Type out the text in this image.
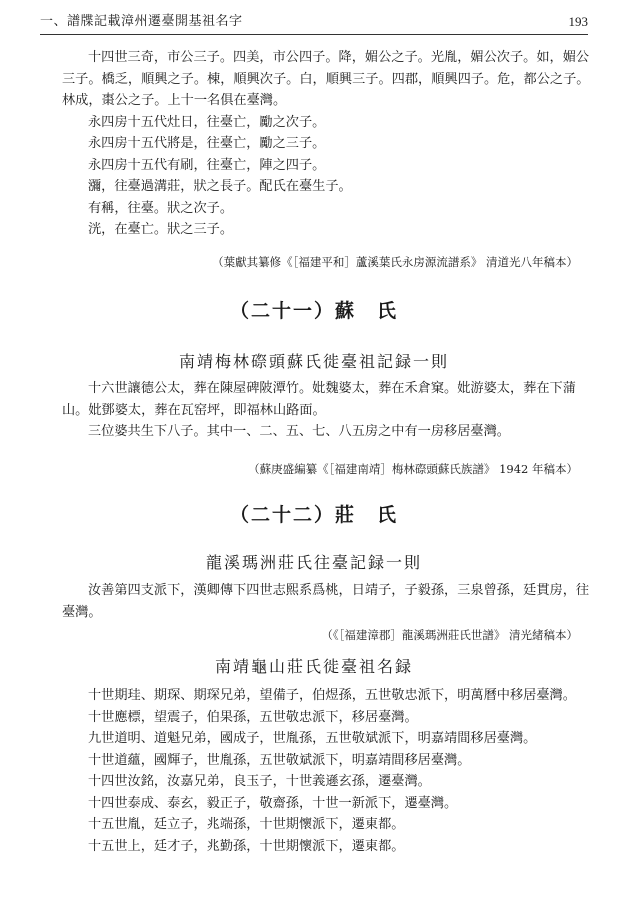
一、譜牒記載漳州遷臺開基祖名字	193

十四世三奇，市公三子。四美，市公四子。降，媚公之子。光胤，媚公次子。如，媚公三子。橋乏，順興之子。棟，順興次子。白，順興三子。四郡，順興四子。危，都公之子。林成，棗公之子。上十一名俱在臺灣。

永四房十五代灶日，往臺亡，勵之次子。

永四房十五代將是，往臺亡，勵之三子。

永四房十五代有刷，往臺亡，陣之四子。

瀰，往臺過溝莊，狀之長子。配氏在臺生子。

有稱，往臺。狀之次子。

洸，在臺亡。狀之三子。

（葉獻其纂修《［福建平和］蘆溪葉氏永房源流譜系》 清道光八年稿本）
（二十一）蘇　氏
南靖梅林磜頭蘇氏徙臺祖記録一則

十六世讓德公太，葬在陳屋碑陂潭竹。妣魏婆太，葬在禾倉窠。妣游婆太，葬在下蒲山。妣鄧婆太，葬在瓦窑坪，即福林山路面。

三位婆共生下八子。其中一、二、五、七、八五房之中有一房移居臺灣。

（蘇庚盛編纂《［福建南靖］梅林磜頭蘇氏族譜》 1942 年稿本）
（二十二）莊　氏
龍溪瑪洲莊氏往臺記録一則

汝善第四支派下，漢卿傳下四世志熙系爲桃，日靖子，子毅孫，三泉曾孫，廷貫房，往臺灣。

（《［福建漳郡］龍溪瑪洲莊氏世譜》 清光緒稿本）
南靖龜山莊氏徙臺祖名録

十世期珪、期琛、期琛兄弟，望備子，伯煜孫，五世敬忠派下，明萬曆中移居臺灣。

十世應標，望震子，伯果孫，五世敬忠派下，移居臺灣。

九世道明、道魁兄弟，國成子，世胤孫，五世敬斌派下，明嘉靖間移居臺灣。

十世道蘊，國輝子，世胤孫，五世敬斌派下，明嘉靖間移居臺灣。

十四世汝銘，汝嘉兄弟，良玉子，十世義遜玄孫，遷臺灣。

十四世泰成、泰玄，毅正子，敬齋孫，十世一新派下，遷臺灣。

十五世胤，廷立子，兆端孫，十世期懷派下，遷東都。

十五世上，廷才子，兆勤孫，十世期懷派下，遷東都。
